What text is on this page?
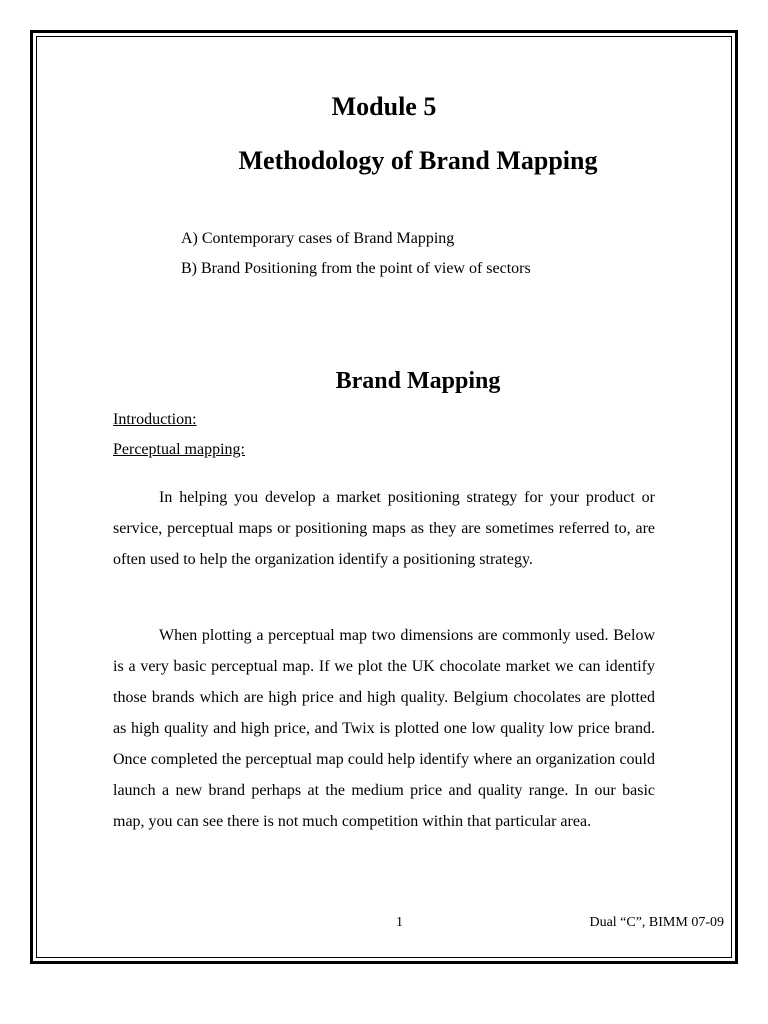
Module 5
Methodology of Brand Mapping
A) Contemporary cases of Brand Mapping
B) Brand Positioning from the point of view of sectors
Brand Mapping

Introduction:

Perceptual mapping:

In helping you develop a market positioning strategy for your product or service, perceptual maps or positioning maps as they are sometimes referred to, are often used to help the organization identify a positioning strategy.

When plotting a perceptual map two dimensions are commonly used. Below is a very basic perceptual map. If we plot the UK chocolate market we can identify those brands which are high price and high quality. Belgium chocolates are plotted as high quality and high price, and Twix is plotted one low quality low price brand. Once completed the perceptual map could help identify where an organization could launch a new brand perhaps at the medium price and quality range. In our basic map, you can see there is not much competition within that particular area.

1	Dual “C”, BIMM 07-09
